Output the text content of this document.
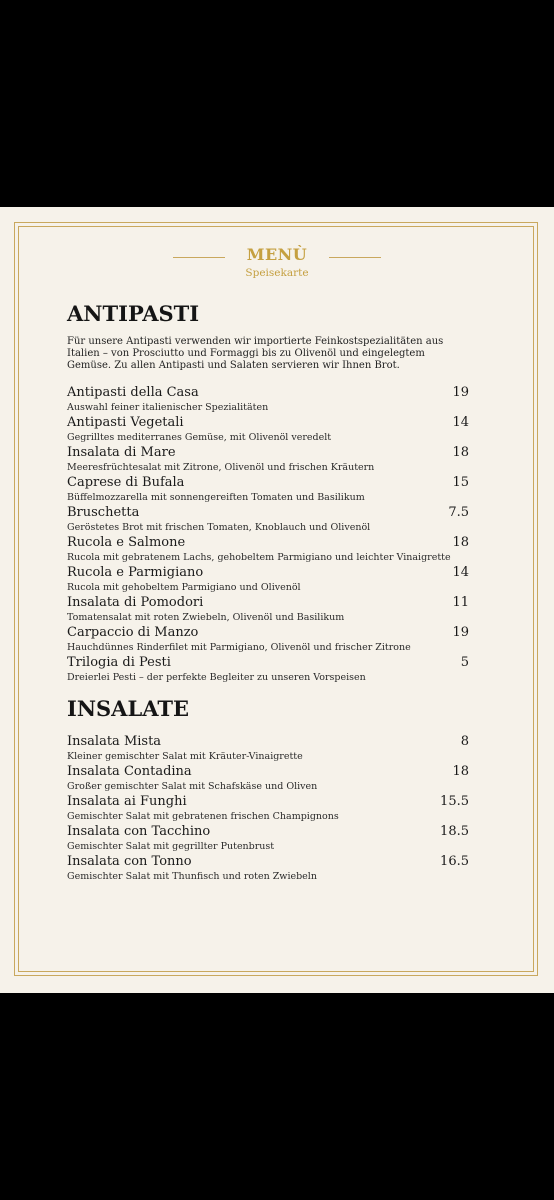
MENÙ
Speisekarte
ANTIPASTI
Für unsere Antipasti verwenden wir importierte Feinkostspezialitäten aus Italien – von Prosciutto und Formaggi bis zu Olivenöl und eingelegtem Gemüse. Zu allen Antipasti und Salaten servieren wir Ihnen Brot.
Antipasti della Casa	19
Auswahl feiner italienischer Spezialitäten
Antipasti Vegetali	14
Gegrilltes mediterranes Gemüse, mit Olivenöl veredelt
Insalata di Mare	18
Meeresfrüchtesalat mit Zitrone, Olivenöl und frischen Kräutern
Caprese di Bufala	15
Büffelmozzarella mit sonnengereiften Tomaten und Basilikum
Bruschetta	7.5
Geröstetes Brot mit frischen Tomaten, Knoblauch und Olivenöl
Rucola e Salmone	18
Rucola mit gebratenem Lachs, gehobeltem Parmigiano und leichter Vinaigrette
Rucola e Parmigiano	14
Rucola mit gehobeltem Parmigiano und Olivenöl
Insalata di Pomodori	11
Tomatensalat mit roten Zwiebeln, Olivenöl und Basilikum
Carpaccio di Manzo	19
Hauchdünnes Rinderfilet mit Parmigiano, Olivenöl und frischer Zitrone
Trilogia di Pesti	5
Dreierlei Pesti – der perfekte Begleiter zu unseren Vorspeisen
INSALATE
Insalata Mista	8
Kleiner gemischter Salat mit Kräuter-Vinaigrette
Insalata Contadina	18
Großer gemischter Salat mit Schafskäse und Oliven
Insalata ai Funghi	15.5
Gemischter Salat mit gebratenen frischen Champignons
Insalata con Tacchino	18.5
Gemischter Salat mit gegrillter Putenbrust
Insalata con Tonno	16.5
Gemischter Salat mit Thunfisch und roten Zwiebeln
